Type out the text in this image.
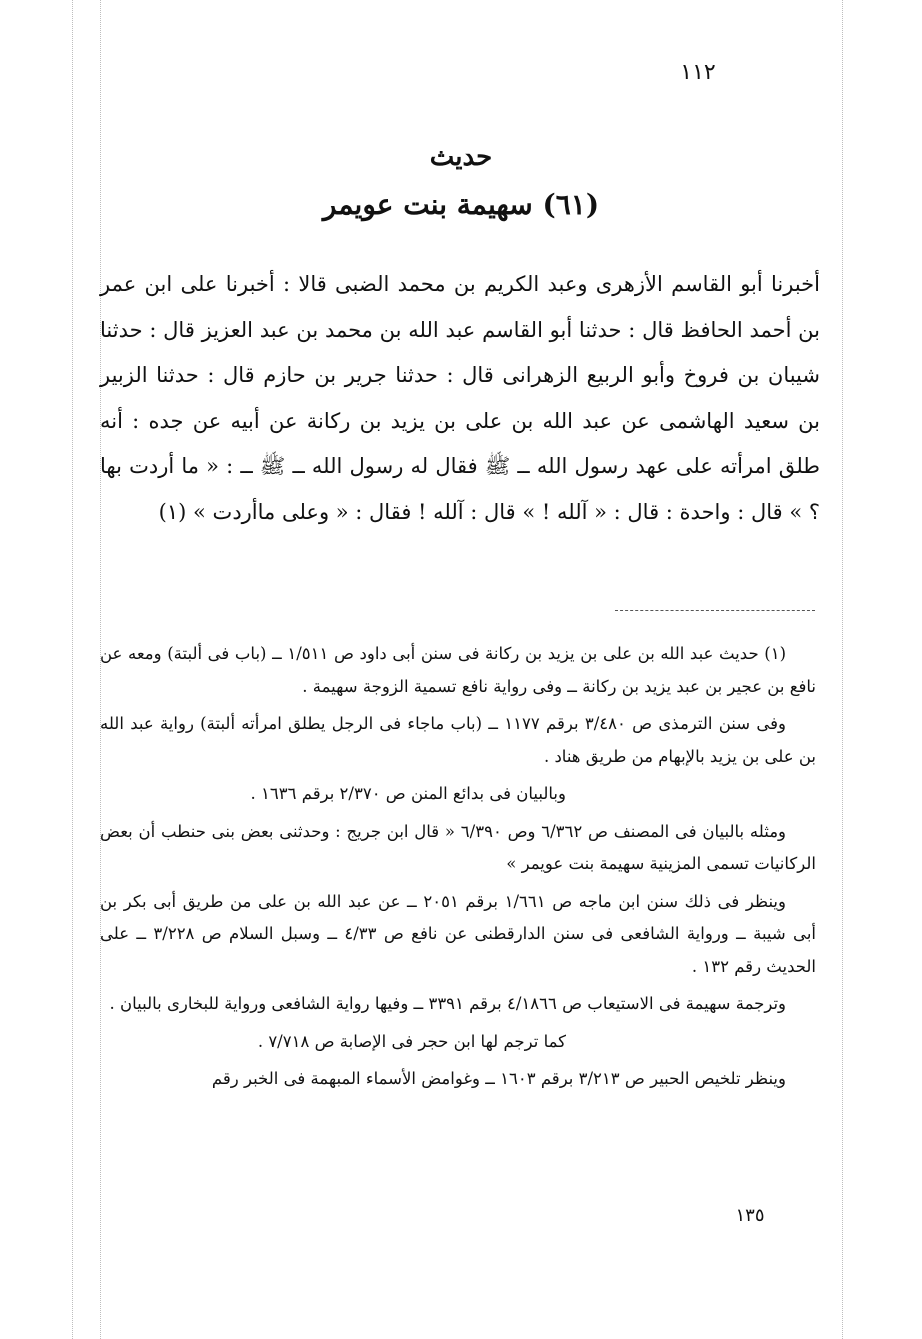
١١٢
حديث
(٦١) سهيمة بنت عويمر

أخبرنا أبو القاسم الأزهرى وعبد الكريم بن محمد الضبى قالا : أخبرنا على ابن عمر بن أحمد الحافظ قال : حدثنا أبو القاسم عبد الله بن محمد بن عبد العزيز قال : حدثنا شيبان بن فروخ وأبو الربيع الزهرانى قال : حدثنا جرير بن حازم قال : حدثنا الزبير بن سعيد الهاشمى عن عبد الله بن على بن يزيد بن ركانة عن أبيه عن جده : أنه طلق امرأته على عهد رسول الله ــ ﷺ فقال له رسول الله ــ ﷺ ــ : « ما أردت بها ؟ » قال : واحدة : قال : « آلله ! » قال : آلله ! فقال : « وعلى ماأردت » (١)

(١) حديث عبد الله بن على بن يزيد بن ركانة فى سنن أبى داود ص ١/٥١١ ــ (باب فى ألبتة) ومعه عن نافع بن عجير بن عبد يزيد بن ركانة ــ وفى رواية نافع تسمية الزوجة سهيمة .

وفى سنن الترمذى ص ٣/٤٨٠ برقم ١١٧٧ ــ (باب ماجاء فى الرجل يطلق امرأته ألبتة) رواية عبد الله بن على بن يزيد بالإبهام من طريق هناد .

وبالبيان فى بدائع المنن ص ٢/٣٧٠ برقم ١٦٣٦ .

ومثله بالبيان فى المصنف ص ٦/٣٦٢ وص ٦/٣٩٠ « قال ابن جريج : وحدثنى بعض بنى حنطب أن بعض الركانيات تسمى المزينية سهيمة بنت عويمر »

وينظر فى ذلك سنن ابن ماجه ص ١/٦٦١ برقم ٢٠٥١ ــ عن عبد الله بن على من طريق أبى بكر بن أبى شيبة ــ ورواية الشافعى فى سنن الدارقطنى عن نافع ص ٤/٣٣ ــ وسبل السلام ص ٣/٢٢٨ ــ على الحديث رقم ١٣٢ .

وترجمة سهيمة فى الاستيعاب ص ٤/١٨٦٦ برقم ٣٣٩١ ــ وفيها رواية الشافعى ورواية للبخارى بالبيان .

كما ترجم لها ابن حجر فى الإصابة ص ٧/٧١٨ .

وينظر تلخيص الحبير ص ٣/٢١٣ برقم ١٦٠٣ ــ وغوامض الأسماء المبهمة فى الخبر رقم

١٣٥
